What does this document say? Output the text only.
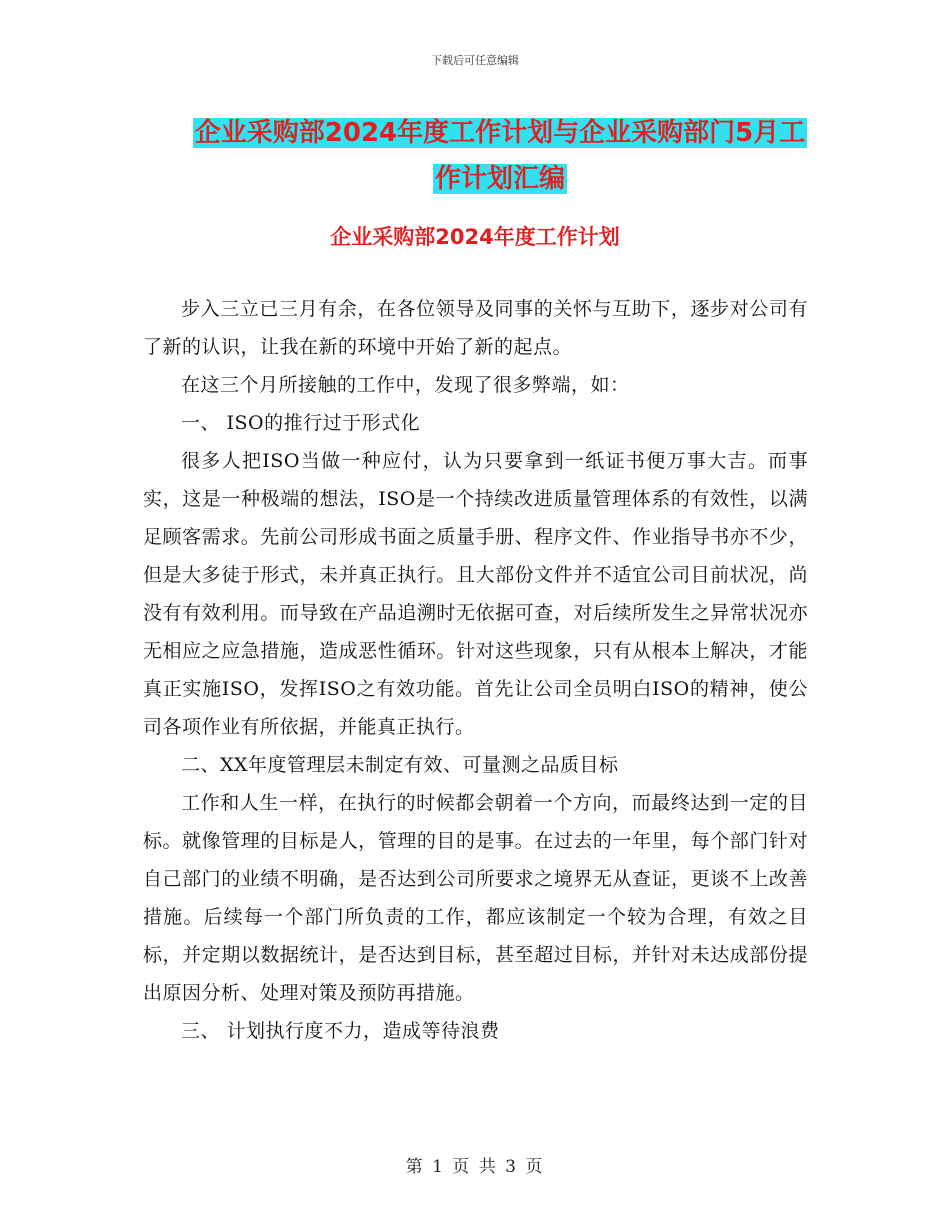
下载后可任意编辑
企业采购部2024年度工作计划与企业采购部门5月工
作计划汇编
企业采购部2024年度工作计划

步入三立已三月有余，在各位领导及同事的关怀与互助下，逐步对公司有了新的认识，让我在新的环境中开始了新的起点。

在这三个月所接触的工作中，发现了很多弊端，如：

一、 ISO的推行过于形式化

很多人把ISO当做一种应付，认为只要拿到一纸证书便万事大吉。而事实，这是一种极端的想法，ISO是一个持续改进质量管理体系的有效性，以满足顾客需求。先前公司形成书面之质量手册、程序文件、作业指导书亦不少，但是大多徒于形式，未并真正执行。且大部份文件并不适宜公司目前状况，尚没有有效利用。而导致在产品追溯时无依据可查，对后续所发生之异常状况亦无相应之应急措施，造成恶性循环。针对这些现象，只有从根本上解决，才能真正实施ISO，发挥ISO之有效功能。首先让公司全员明白ISO的精神，使公司各项作业有所依据，并能真正执行。

二、XX年度管理层未制定有效、可量测之品质目标

工作和人生一样，在执行的时候都会朝着一个方向，而最终达到一定的目标。就像管理的目标是人，管理的目的是事。在过去的一年里，每个部门针对自己部门的业绩不明确，是否达到公司所要求之境界无从查证，更谈不上改善措施。后续每一个部门所负责的工作，都应该制定一个较为合理，有效之目标，并定期以数据统计，是否达到目标，甚至超过目标，并针对未达成部份提出原因分析、处理对策及预防再措施。

三、 计划执行度不力，造成等待浪费

第 1 页 共 3 页
